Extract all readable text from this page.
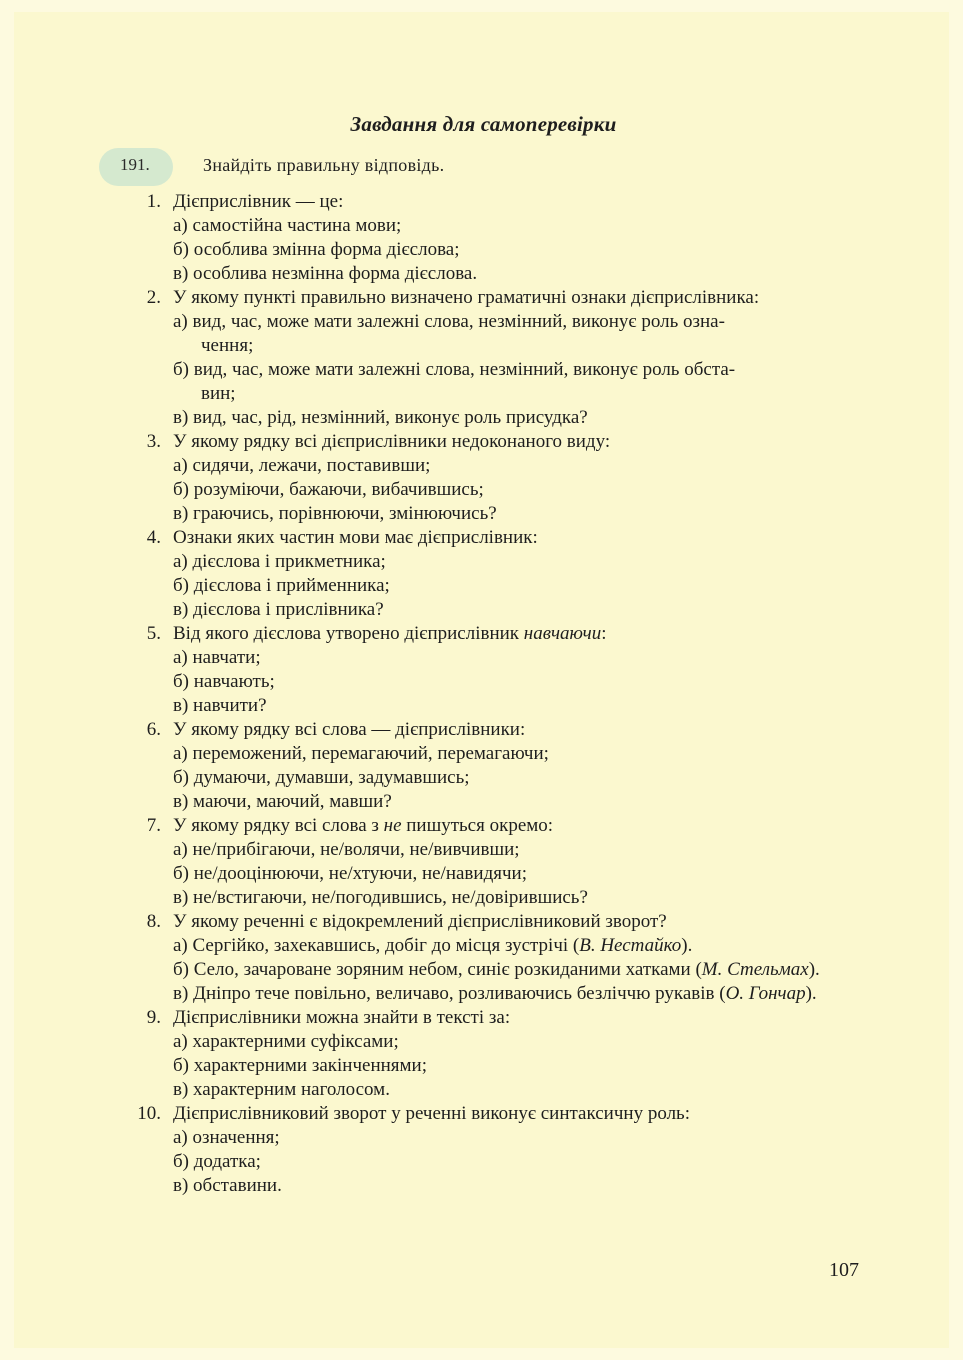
Завдання для самоперевірки
191.	Знайдіть правильну відповідь.
1. Дієприслівник — це:
а) самостійна частина мови;
б) особлива змінна форма дієслова;
в) особлива незмінна форма дієслова.
2. У якому пункті правильно визначено граматичні ознаки дієприслівника:
а) вид, час, може мати залежні слова, незмінний, виконує роль озна-
чення;
б) вид, час, може мати залежні слова, незмінний, виконує роль обста-
вин;
в) вид, час, рід, незмінний, виконує роль присудка?
3. У якому рядку всі дієприслівники недоконаного виду:
а) сидячи, лежачи, поставивши;
б) розуміючи, бажаючи, вибачившись;
в) граючись, порівнюючи, змінюючись?
4. Ознаки яких частин мови має дієприслівник:
а) дієслова і прикметника;
б) дієслова і прийменника;
в) дієслова і прислівника?
5. Від якого дієслова утворено дієприслівник навчаючи:
а) навчати;
б) навчають;
в) навчити?
6. У якому рядку всі слова — дієприслівники:
а) переможений, перемагаючий, перемагаючи;
б) думаючи, думавши, задумавшись;
в) маючи, маючий, мавши?
7. У якому рядку всі слова з не пишуться окремо:
а) не/прибігаючи, не/волячи, не/вивчивши;
б) не/дооцінюючи, не/хтуючи, не/навидячи;
в) не/встигаючи, не/погодившись, не/довірившись?
8. У якому реченні є відокремлений дієприслівниковий зворот?
а) Сергійко, захекавшись, добіг до місця зустрічі (В. Нестайко).
б) Село, зачароване зоряним небом, синіє розкиданими хатками (М. Стельмах).
в) Дніпро тече повільно, величаво, розливаючись безліччю рукавів (О. Гончар).
9. Дієприслівники можна знайти в тексті за:
а) характерними суфіксами;
б) характерними закінченнями;
в) характерним наголосом.
10. Дієприслівниковий зворот у реченні виконує синтаксичну роль:
а) означення;
б) додатка;
в) обставини.
107
